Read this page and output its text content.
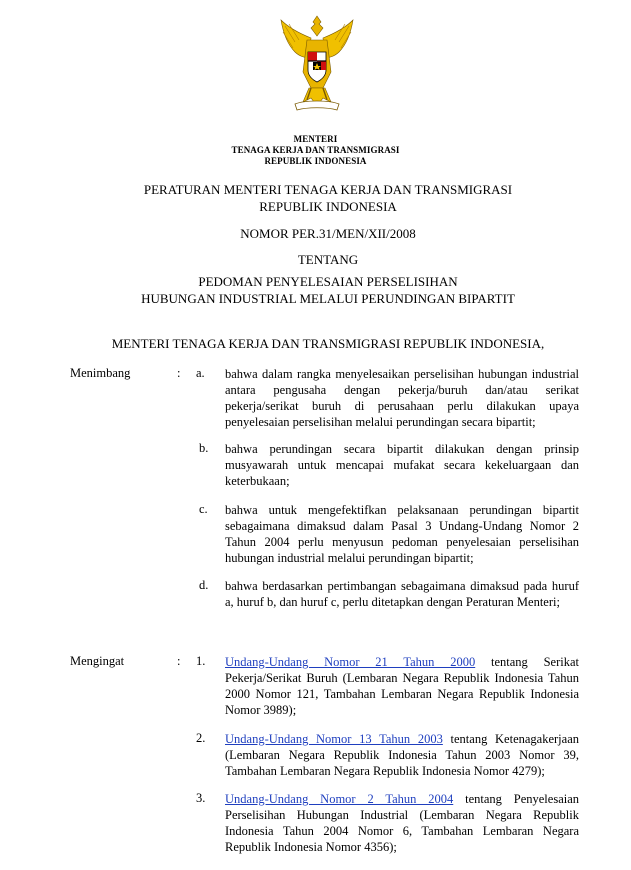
MENTERI
TENAGA KERJA DAN TRANSMIGRASI
REPUBLIK INDONESIA
PERATURAN MENTERI TENAGA KERJA DAN TRANSMIGRASI
REPUBLIK INDONESIA
NOMOR PER.31/MEN/XII/2008
TENTANG
PEDOMAN PENYELESAIAN PERSELISIHAN
HUBUNGAN INDUSTRIAL MELALUI PERUNDINGAN BIPARTIT
MENTERI TENAGA KERJA DAN TRANSMIGRASI REPUBLIK INDONESIA,
Menimbang	: a. bahwa dalam rangka menyelesaikan perselisihan hubungan industrial antara pengusaha dengan pekerja/buruh dan/atau serikat pekerja/serikat buruh di perusahaan perlu dilakukan upaya penyelesaian perselisihan melalui perundingan secara bipartit;
b. bahwa perundingan secara bipartit dilakukan dengan prinsip musyawarah untuk mencapai mufakat secara kekeluargaan dan keterbukaan;
c. bahwa untuk mengefektifkan pelaksanaan perundingan bipartit sebagaimana dimaksud dalam Pasal 3 Undang-Undang Nomor 2 Tahun 2004 perlu menyusun pedoman penyelesaian perselisihan hubungan industrial melalui perundingan bipartit;
d. bahwa berdasarkan pertimbangan sebagaimana dimaksud pada huruf a, huruf b, dan huruf c, perlu ditetapkan dengan Peraturan Menteri;
Mengingat	: 1. Undang-Undang Nomor 21 Tahun 2000 tentang Serikat Pekerja/Serikat Buruh (Lembaran Negara Republik Indonesia Tahun 2000 Nomor 121, Tambahan Lembaran Negara Republik Indonesia Nomor 3989);
2. Undang-Undang Nomor 13 Tahun 2003 tentang Ketenagakerjaan (Lembaran Negara Republik Indonesia Tahun 2003 Nomor 39, Tambahan Lembaran Negara Republik Indonesia Nomor 4279);
3. Undang-Undang Nomor 2 Tahun 2004 tentang Penyelesaian Perselisihan Hubungan Industrial (Lembaran Negara Republik Indonesia Tahun 2004 Nomor 6, Tambahan Lembaran Negara Republik Indonesia Nomor 4356);
